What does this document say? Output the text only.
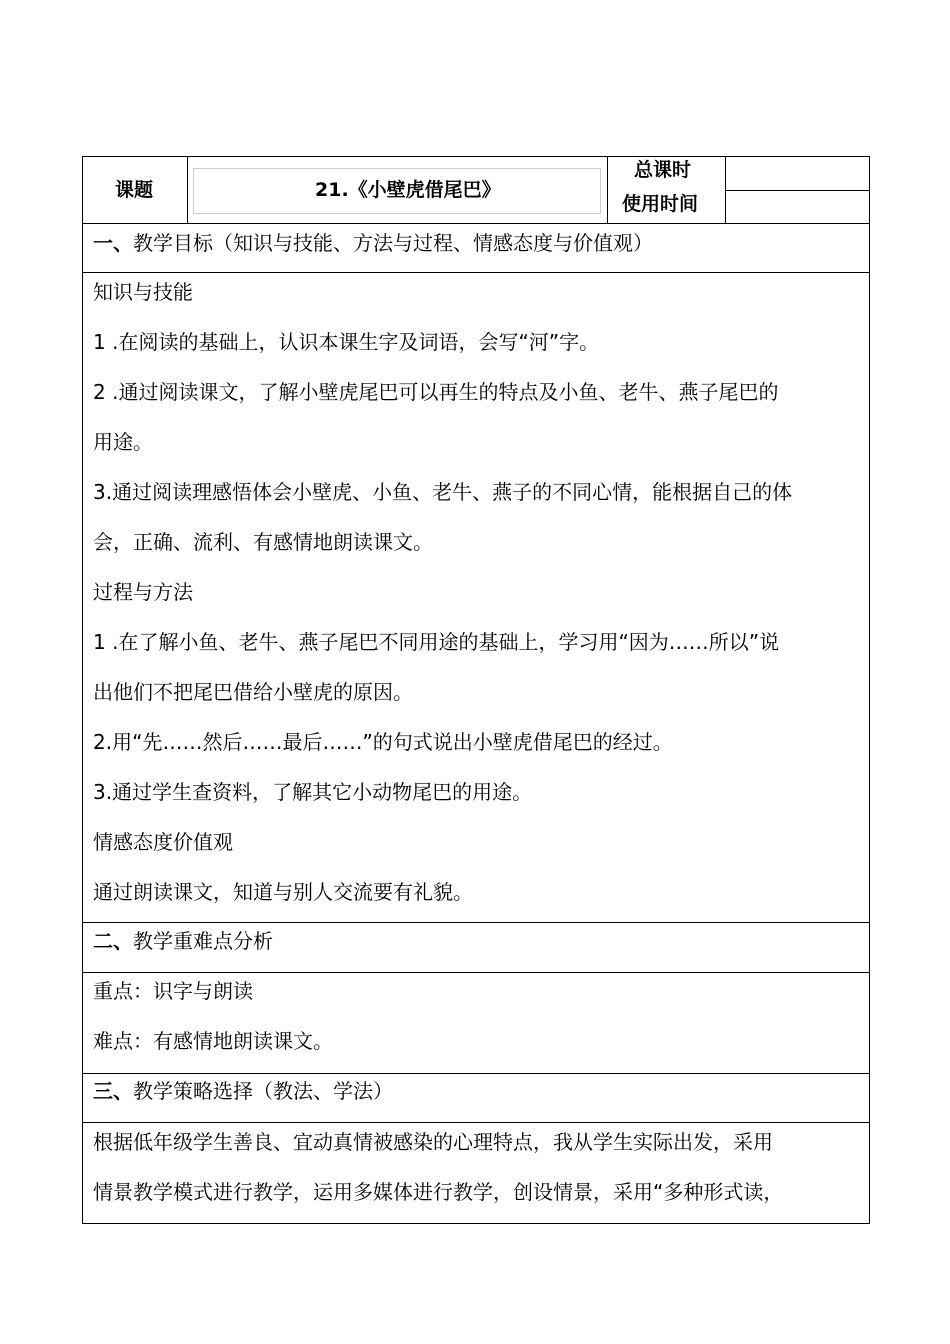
课题	21.《小壁虎借尾巴》
总课时
使用时间
一、教学目标（知识与技能、方法与过程、情感态度与价值观）
知识与技能
1 .在阅读的基础上，认识本课生字及词语，会写“河”字。
2 .通过阅读课文，了解小壁虎尾巴可以再生的特点及小鱼、老牛、燕子尾巴的
用途。
3.通过阅读理感悟体会小壁虎、小鱼、老牛、燕子的不同心情，能根据自己的体
会，正确、流利、有感情地朗读课文。
过程与方法
1 .在了解小鱼、老牛、燕子尾巴不同用途的基础上，学习用“因为……所以”说
出他们不把尾巴借给小壁虎的原因。
2.用“先……然后……最后……”的句式说出小壁虎借尾巴的经过。
3.通过学生查资料，了解其它小动物尾巴的用途。
情感态度价值观
通过朗读课文，知道与别人交流要有礼貌。
二、教学重难点分析
重点：识字与朗读
难点：有感情地朗读课文。
三、教学策略选择（教法、学法）
根据低年级学生善良、宜动真情被感染的心理特点，我从学生实际出发，采用
情景教学模式进行教学，运用多媒体进行教学，创设情景，采用“多种形式读，
